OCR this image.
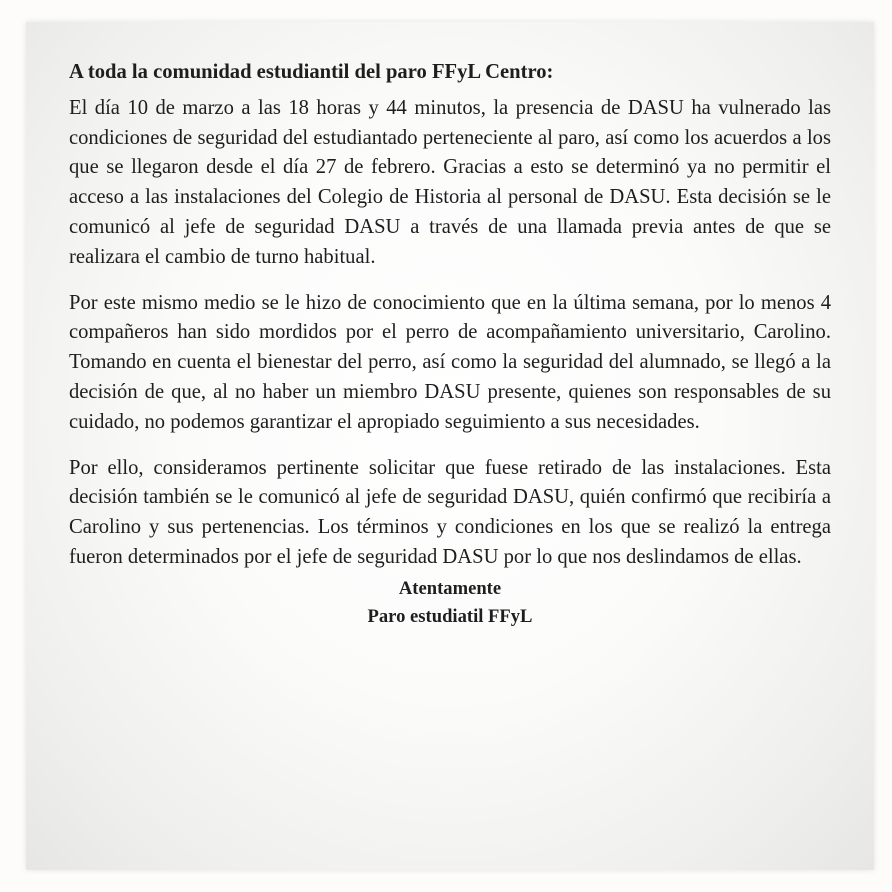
A toda la comunidad estudiantil del paro FFyL Centro:

El día 10 de marzo a las 18 horas y 44 minutos, la presencia de DASU ha vulnerado las condiciones de seguridad del estudiantado perteneciente al paro, así como los acuerdos a los que se llegaron desde el día 27 de febrero. Gracias a esto se determinó ya no permitir el acceso a las instalaciones del Colegio de Historia al personal de DASU. Esta decisión se le comunicó al jefe de seguridad DASU a través de una llamada previa antes de que se realizara el cambio de turno habitual.

Por este mismo medio se le hizo de conocimiento que en la última semana, por lo menos 4 compañeros han sido mordidos por el perro de acompañamiento universitario, Carolino. Tomando en cuenta el bienestar del perro, así como la seguridad del alumnado, se llegó a la decisión de que, al no haber un miembro DASU presente, quienes son responsables de su cuidado, no podemos garantizar el apropiado seguimiento a sus necesidades.

Por ello, consideramos pertinente solicitar que fuese retirado de las instalaciones. Esta decisión también se le comunicó al jefe de seguridad DASU, quién confirmó que recibiría a Carolino y sus pertenencias. Los términos y condiciones en los que se realizó la entrega fueron determinados por el jefe de seguridad DASU por lo que nos deslindamos de ellas.

Atentamente

Paro estudiatil FFyL
